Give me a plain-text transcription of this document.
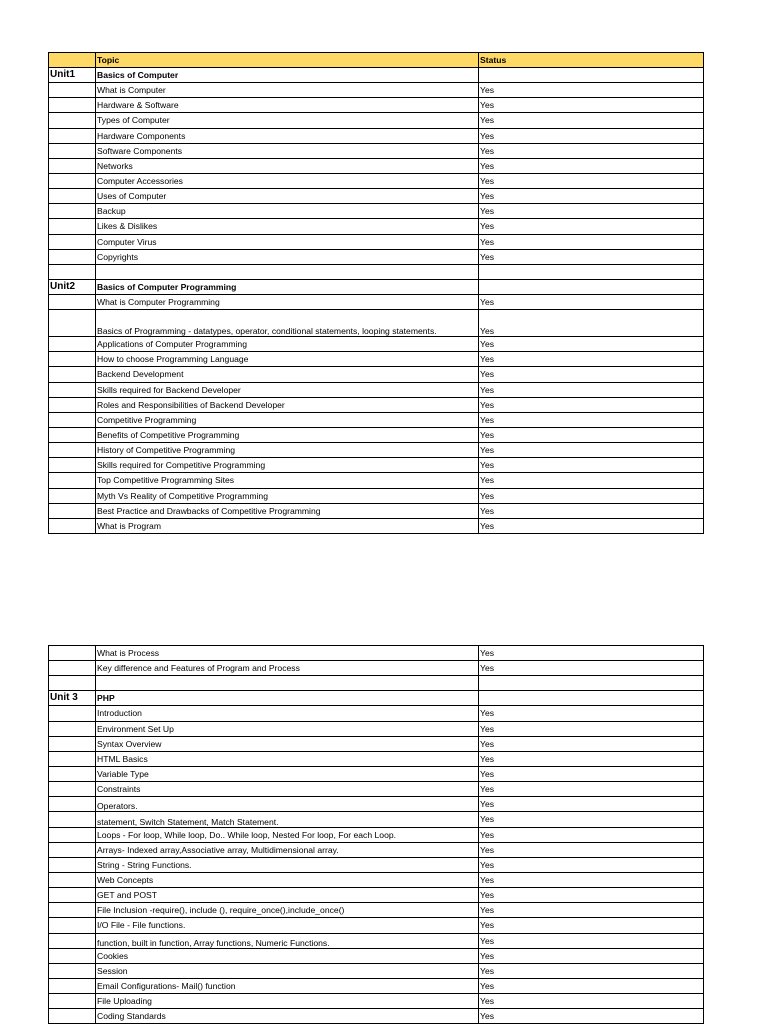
	Topic	Status
Unit1	Basics of Computer	
	What is Computer	Yes
	Hardware & Software	Yes
	Types of Computer	Yes
	Hardware Components	Yes
	Software Components	Yes
	Networks	Yes
	Computer Accessories	Yes
	Uses of Computer	Yes
	Backup	Yes
	Likes & Dislikes	Yes
	Computer Virus	Yes
	Copyrights	Yes

Unit2	Basics of Computer Programming	
	What is Computer Programming	Yes
	Basics of Programming - datatypes, operator, conditional statements, looping statements.	Yes
	Applications of Computer Programming	Yes
	How to choose Programming Language	Yes
	Backend Development	Yes
	Skills required for Backend Developer	Yes
	Roles and Responsibilities of Backend Developer	Yes
	Competitive Programming	Yes
	Benefits of Competitive Programming	Yes
	History of Competitive Programming	Yes
	Skills required for Competitive Programming	Yes
	Top Competitive Programming Sites	Yes
	Myth Vs Reality of Competitive Programming	Yes
	Best Practice and Drawbacks of Competitive Programming	Yes
	What is Program	Yes
	What is Process	Yes
	Key difference and Features of Program and Process	Yes

Unit 3	PHP	
	Introduction	Yes
	Environment Set Up	Yes
	Syntax Overview	Yes
	HTML Basics	Yes
	Variable Type	Yes
	Constraints	Yes
	Operators.	Yes
	statement, Switch Statement, Match Statement.	Yes
	Loops - For loop, While loop, Do.. While loop, Nested For loop, For each Loop.	Yes
	Arrays- Indexed array,Associative array, Multidimensional array.	Yes
	String - String Functions.	Yes
	Web Concepts	Yes
	GET and POST	Yes
	File Inclusion -require(), include (), require_once(),include_once()	Yes
	I/O File - File functions.	Yes
	function, built in function, Array functions, Numeric Functions.	Yes
	Cookies	Yes
	Session	Yes
	Email Configurations- Mail() function	Yes
	File Uploading	Yes
	Coding Standards	Yes
